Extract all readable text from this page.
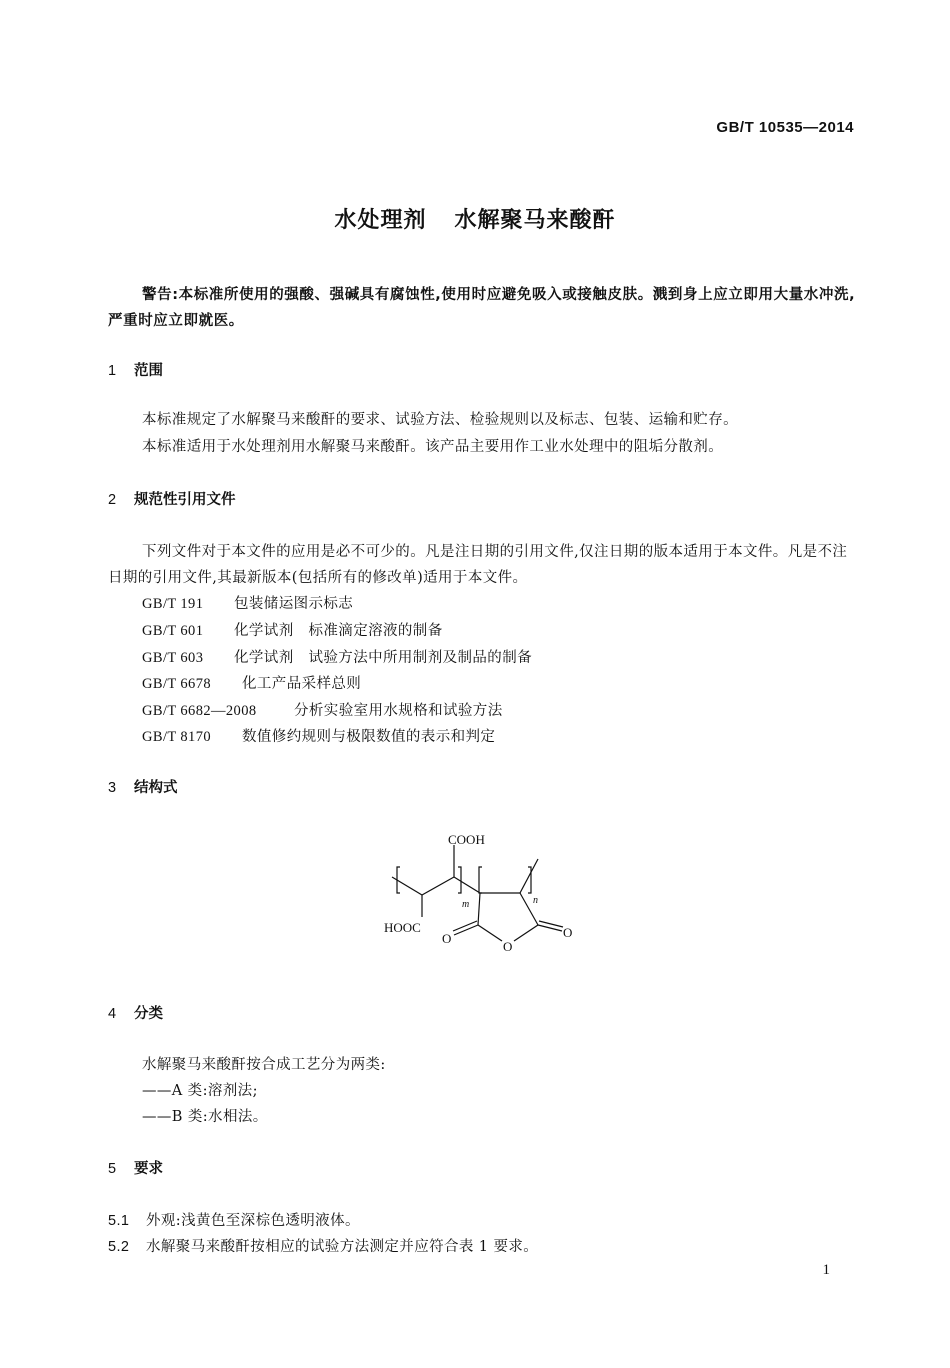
GB/T 10535—2014
水处理剂 水解聚马来酸酐
警告:本标准所使用的强酸、强碱具有腐蚀性,使用时应避免吸入或接触皮肤。溅到身上应立即用大量水冲洗,严重时应立即就医。
1 范围
本标准规定了水解聚马来酸酐的要求、试验方法、检验规则以及标志、包装、运输和贮存。
本标准适用于水处理剂用水解聚马来酸酐。该产品主要用作工业水处理中的阻垢分散剂。
2 规范性引用文件
下列文件对于本文件的应用是必不可少的。凡是注日期的引用文件,仅注日期的版本适用于本文件。凡是不注日期的引用文件,其最新版本(包括所有的修改单)适用于本文件。
GB/T 191 包装储运图示标志
GB/T 601 化学试剂　标准滴定溶液的制备
GB/T 603 化学试剂　试验方法中所用制剂及制品的制备
GB/T 6678 化工产品采样总则
GB/T 6682—2008	分析实验室用水规格和试验方法
GB/T 8170 数值修约规则与极限数值的表示和判定
3 结构式
COOH
HOOC
m	n
O
O
O
4 分类
水解聚马来酸酐按合成工艺分为两类:
——A 类:溶剂法;
——B 类:水相法。
5 要求
5.1 外观:浅黄色至深棕色透明液体。
5.2 水解聚马来酸酐按相应的试验方法测定并应符合表 1 要求。
1
